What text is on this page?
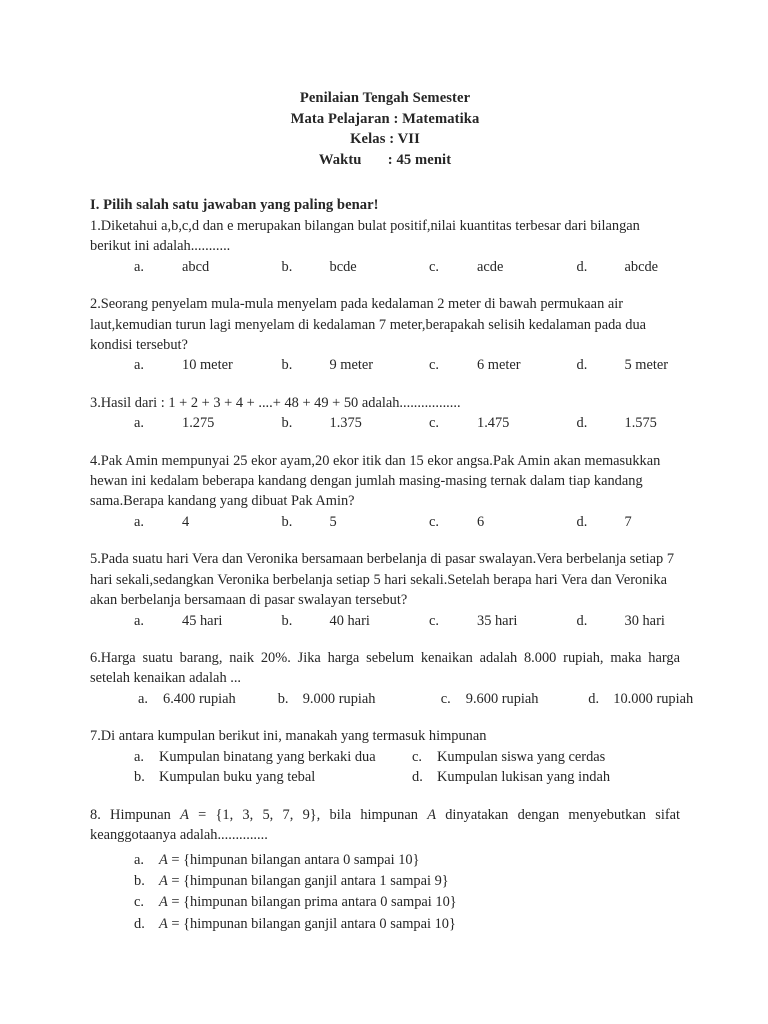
Penilaian Tengah Semester
Mata Pelajaran : Matematika
Kelas : VII
Waktu       : 45 menit
I. Pilih salah satu jawaban yang paling benar!

1.Diketahui a,b,c,d dan e merupakan bilangan bulat positif,nilai kuantitas terbesar dari bilangan berikut ini adalah...........

a.	abcd	b.	bcde	c.	acde	d.	abcde

2.Seorang penyelam mula-mula menyelam pada kedalaman 2 meter di bawah permukaan air laut,kemudian turun lagi menyelam di kedalaman 7 meter,berapakah selisih kedalaman pada dua kondisi tersebut?

a.	10 meter	b.	9 meter	c.	6 meter	d.	5 meter

3.Hasil dari : 1 + 2 + 3 + 4 + ....+ 48 + 49 + 50 adalah.................

a.	1.275	b.	1.375	c.	1.475	d.	1.575

4.Pak Amin mempunyai 25 ekor ayam,20 ekor itik dan 15 ekor angsa.Pak Amin akan memasukkan hewan ini kedalam beberapa kandang dengan jumlah masing-masing ternak dalam tiap kandang sama.Berapa kandang yang dibuat Pak Amin?

a.	4	b.	5	c.	6	d.	7

5.Pada suatu hari Vera dan Veronika bersamaan berbelanja di pasar swalayan.Vera berbelanja setiap 7 hari sekali,sedangkan Veronika berbelanja setiap 5 hari sekali.Setelah berapa hari Vera dan Veronika akan berbelanja bersamaan di pasar swalayan tersebut?

a.	45 hari	b.	40 hari	c.	35 hari	d.	30 hari

6.Harga suatu barang, naik 20%. Jika harga sebelum kenaikan adalah 8.000 rupiah, maka harga setelah kenaikan adalah ...

a.	6.400 rupiah	b. 9.000 rupiah	c.	9.600 rupiah	d. 10.000 rupiah

7.Di antara kumpulan berikut ini, manakah yang termasuk himpunan

a.	Kumpulan binatang yang berkaki dua	c.	Kumpulan siswa yang cerdas
b. Kumpulan buku yang tebal	d. Kumpulan lukisan yang indah

8. Himpunan A = {1, 3, 5, 7, 9}, bila himpunan A dinyatakan dengan menyebutkan sifat keanggotaanya adalah..............

a.	A = {himpunan bilangan antara 0 sampai 10}
b. A = {himpunan bilangan ganjil antara 1 sampai 9}
c.	A = {himpunan bilangan prima antara 0 sampai 10}
d. A = {himpunan bilangan ganjil antara 0 sampai 10}
